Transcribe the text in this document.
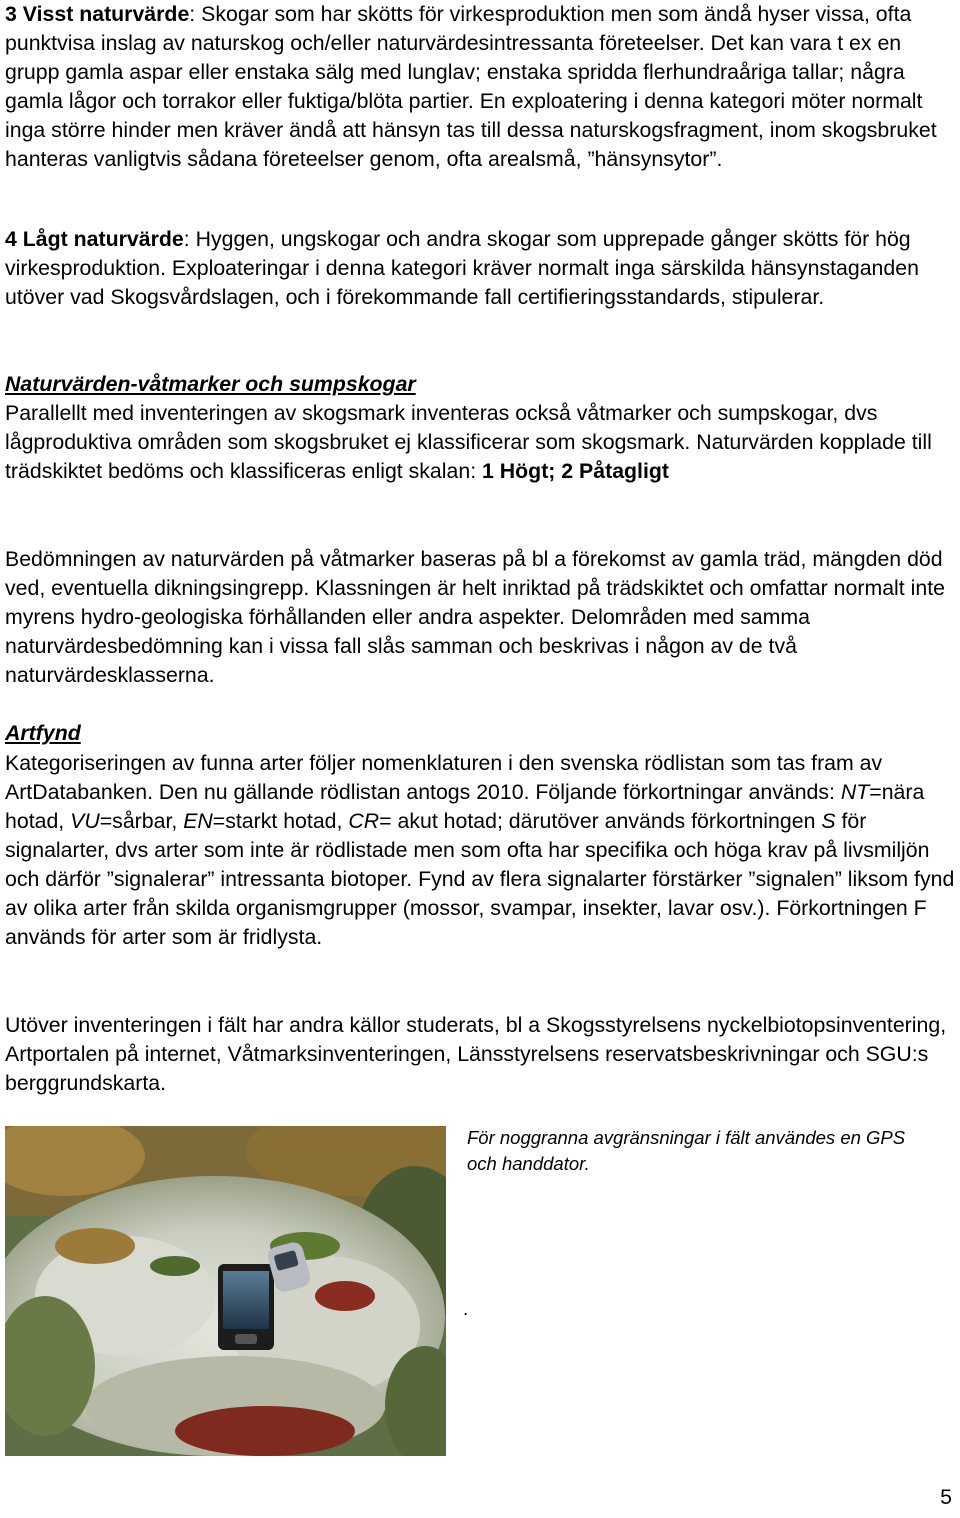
3 Visst naturvärde: Skogar som har skötts för virkesproduktion men som ändå hyser vissa, ofta punktvisa inslag av naturskog och/eller naturvärdesintressanta företeelser. Det kan vara t ex en grupp gamla aspar eller enstaka sälg med lunglav; enstaka spridda flerhundraåriga tallar; några gamla lågor och torrakor eller fuktiga/blöta partier. En exploatering i denna kategori möter normalt inga större hinder men kräver ändå att hänsyn tas till dessa naturskogsfragment, inom skogsbruket hanteras vanligtvis sådana företeelser genom, ofta arealsmå, ”hänsynsytor”.

4 Lågt naturvärde: Hyggen, ungskogar och andra skogar som upprepade gånger skötts för hög virkesproduktion. Exploateringar i denna kategori kräver normalt inga särskilda hänsynstaganden utöver vad Skogsvårdslagen, och i förekommande fall certifieringsstandards, stipulerar.

Naturvärden-våtmarker och sumpskogar

Parallellt med inventeringen av skogsmark inventeras också våtmarker och sumpskogar, dvs lågproduktiva områden som skogsbruket ej klassificerar som skogsmark. Naturvärden kopplade till trädskiktet bedöms och klassificeras enligt skalan: 1 Högt; 2 Påtagligt

Bedömningen av naturvärden på våtmarker baseras på bl a förekomst av gamla träd, mängden död ved, eventuella dikningsingrepp. Klassningen är helt inriktad på trädskiktet och omfattar normalt inte myrens hydro-geologiska förhållanden eller andra aspekter. Delområden med samma naturvärdesbedömning kan i vissa fall slås samman och beskrivas i någon av de två naturvärdesklasserna.

Artfynd

Kategoriseringen av funna arter följer nomenklaturen i den svenska rödlistan som tas fram av ArtDatabanken. Den nu gällande rödlistan antogs 2010. Följande förkortningar används: NT=nära hotad, VU=sårbar, EN=starkt hotad, CR= akut hotad; därutöver används förkortningen S för signalarter, dvs arter som inte är rödlistade men som ofta har specifika och höga krav på livsmiljön och därför ”signalerar” intressanta biotoper. Fynd av flera signalarter förstärker ”signalen” liksom fynd av olika arter från skilda organismgrupper (mossor, svampar, insekter, lavar osv.). Förkortningen F används för arter som är fridlysta.

Utöver inventeringen i fält har andra källor studerats, bl a Skogsstyrelsens nyckelbiotopsinventering, Artportalen på internet, Våtmarksinventeringen, Länsstyrelsens reservatsbeskrivningar och SGU:s berggrundskarta.

För noggranna avgränsningar i fält användes en GPS och handdator.
.
5
